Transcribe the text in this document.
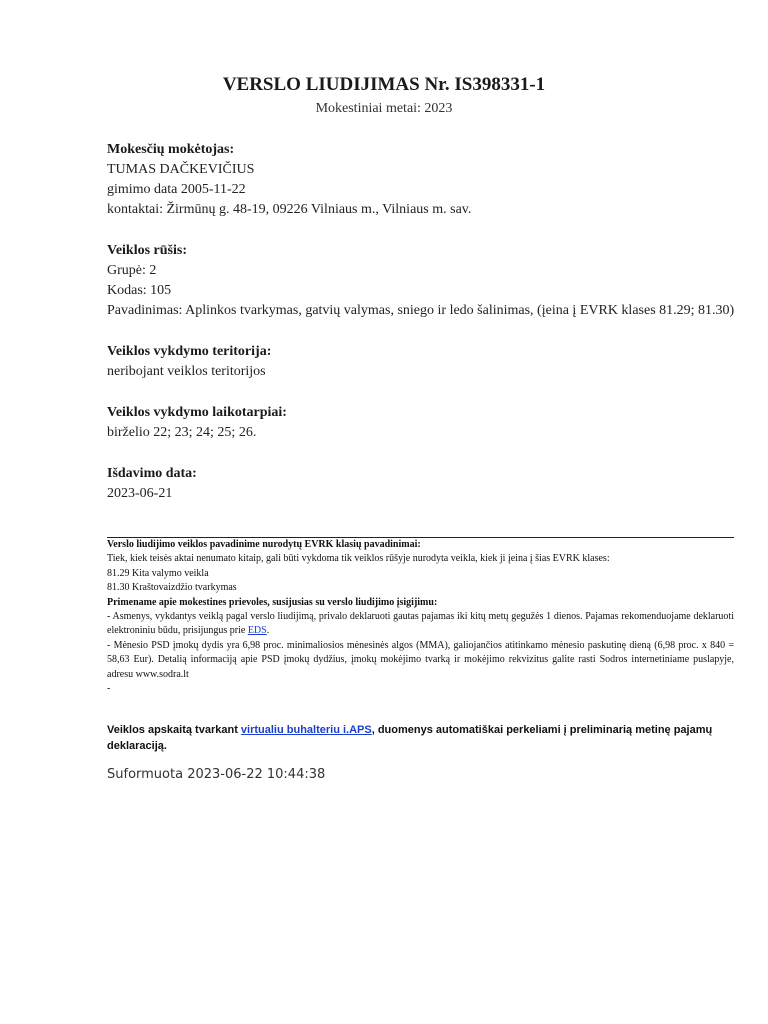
VERSLO LIUDIJIMAS Nr. IS398331-1
Mokestiniai metai: 2023
Mokesčių mokėtojas:
TUMAS DAČKEVIČIUS
gimimo data 2005-11-22
kontaktai: Žirmūnų g. 48-19, 09226 Vilniaus m., Vilniaus m. sav.
Veiklos rūšis:
Grupė: 2
Kodas: 105
Pavadinimas: Aplinkos tvarkymas, gatvių valymas, sniego ir ledo šalinimas, (įeina į EVRK klases 81.29; 81.30)
Veiklos vykdymo teritorija:
neribojant veiklos teritorijos
Veiklos vykdymo laikotarpiai:
birželio 22; 23; 24; 25; 26.
Išdavimo data:
2023-06-21
Verslo liudijimo veiklos pavadinime nurodytų EVRK klasių pavadinimai:
Tiek, kiek teisės aktai nenumato kitaip, gali būti vykdoma tik veiklos rūšyje nurodyta veikla, kiek ji įeina į šias EVRK klases:
81.29 Kita valymo veikla
81.30 Kraštovaizdžio tvarkymas
Primename apie mokestines prievoles, susijusias su verslo liudijimo įsigijimu:
- Asmenys, vykdantys veiklą pagal verslo liudijimą, privalo deklaruoti gautas pajamas iki kitų metų gegužės 1 dienos. Pajamas rekomenduojame deklaruoti elektroniniu būdu, prisijungus prie EDS.
- Mėnesio PSD įmokų dydis yra 6,98 proc. minimaliosios mėnesinės algos (MMA), galiojančios atitinkamo mėnesio paskutinę dieną (6,98 proc. x 840 = 58,63 Eur). Detalią informaciją apie PSD įmokų dydžius, įmokų mokėjimo tvarką ir mokėjimo rekvizitus galite rasti Sodros internetiniame puslapyje, adresu www.sodra.lt
-
Veiklos apskaitą tvarkant virtualiu buhalteriu i.APS, duomenys automatiškai perkeliami į preliminarią metinę pajamų deklaraciją.
Suformuota 2023-06-22 10:44:38
